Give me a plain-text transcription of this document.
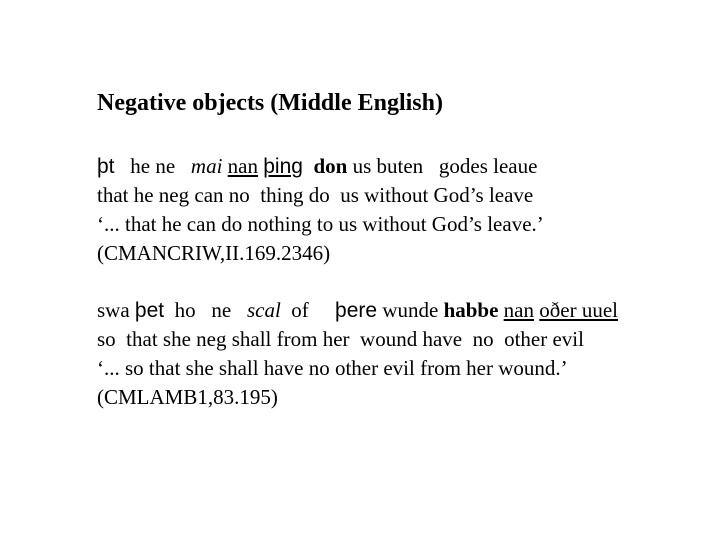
Negative objects (Middle English)
þt he ne mai nan þing don us buten godes leaue
that he neg can no  thing do  us without God’s leave
‘... that he can do nothing to us without God’s leave.’
(CMANCRIW,II.169.2346)
swa þet ho ne scal of þere wunde habbe nan oðer uuel
so  that she neg shall from her  wound have  no  other evil
‘... so that she shall have no other evil from her wound.’
(CMLAMB1,83.195)
